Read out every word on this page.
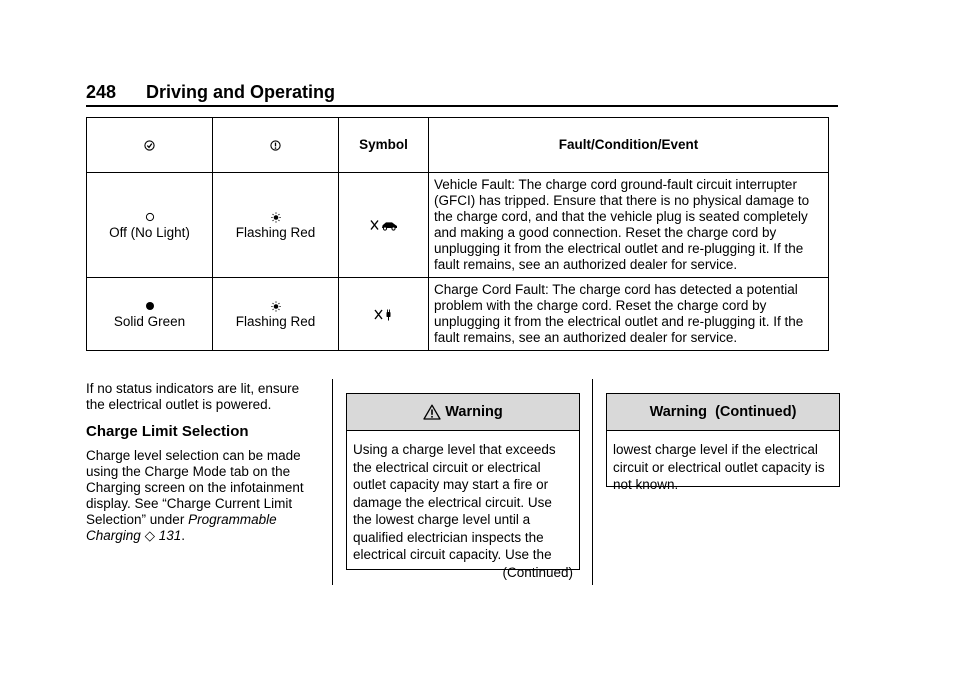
248 Driving and Operating
		Symbol	Fault/Condition/Event

Off (No Light)	Flashing Red		Vehicle Fault: The charge cord ground-fault circuit interrupter (GFCI) has tripped. Ensure that there is no physical damage to the charge cord, and that the vehicle plug is seated completely and making a good connection. Reset the charge cord by unplugging it from the electrical outlet and re-plugging it. If the fault remains, see an authorized dealer for service.

Solid Green	Flashing Red		Charge Cord Fault: The charge cord has detected a potential problem with the charge cord. Reset the charge cord by unplugging it from the electrical outlet and re-plugging it. If the fault remains, see an authorized dealer for service.

If no status indicators are lit, ensure the electrical outlet is powered.

Charge Limit Selection

Charge level selection can be made using the Charge Mode tab on the Charging screen on the infotainment display. See “Charge Current Limit Selection” under Programmable Charging ◇ 131.

Warning
Using a charge level that exceeds the electrical circuit or electrical outlet capacity may start a fire or damage the electrical circuit. Use the lowest charge level until a qualified electrician inspects the electrical circuit capacity. Use the
(Continued)
Warning  (Continued)
lowest charge level if the electrical circuit or electrical outlet capacity is not known.
